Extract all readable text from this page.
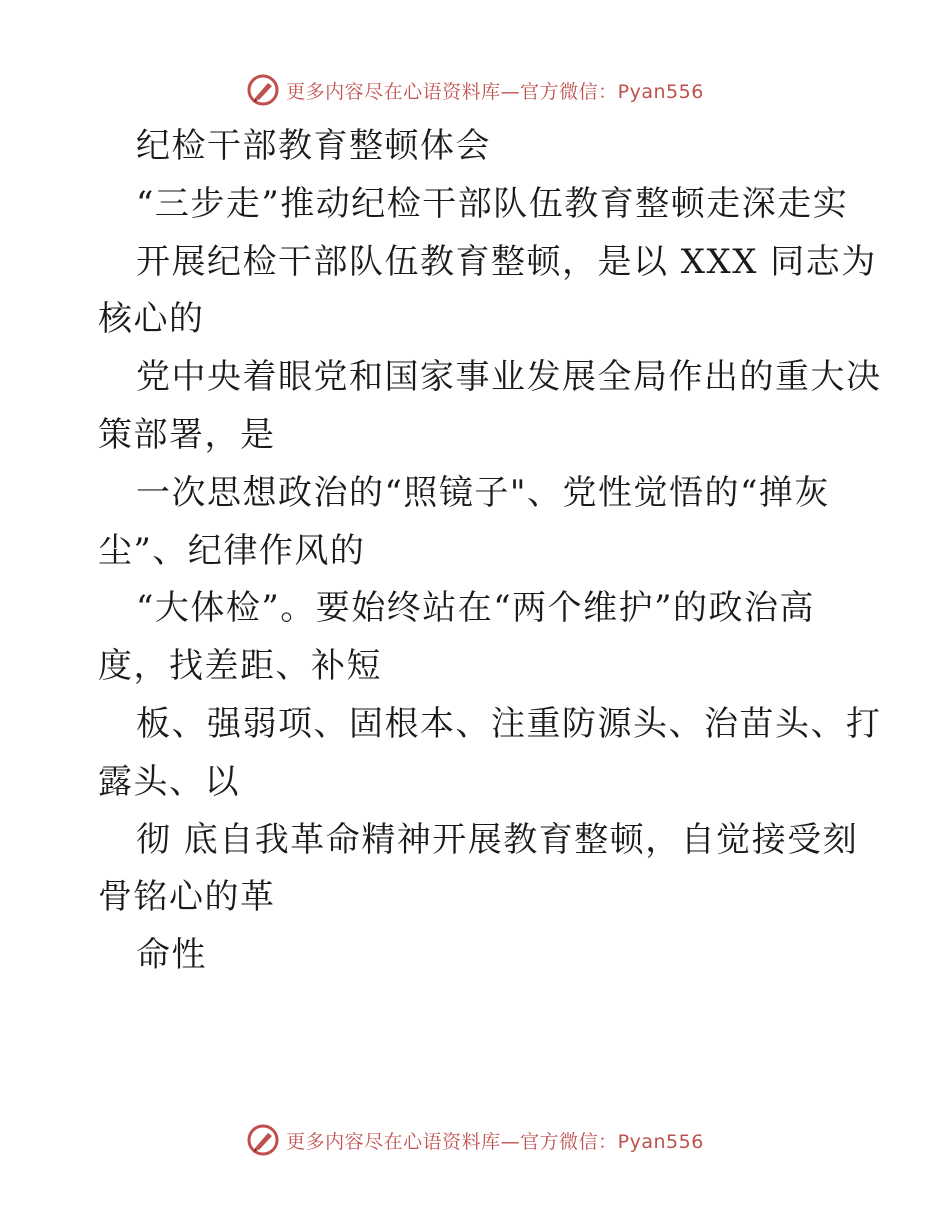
更多内容尽在心语资料库—官方微信：Pyan556
纪检干部教育整顿体会
“三步走”推动纪检干部队伍教育整顿走深走实
开展纪检干部队伍教育整顿，是以 XXX 同志为
核心的
党中央着眼党和国家事业发展全局作出的重大决
策部署，是
一次思想政治的“照镜子"、党性觉悟的“掸灰
尘”、纪律作风的
“大体检”。要始终站在“两个维护”的政治高
度，找差距、补短
板、强弱项、固根本、注重防源头、治苗头、打
露头、以
彻 底自我革命精神开展教育整顿，自觉接受刻
骨铭心的革
命性
更多内容尽在心语资料库—官方微信：Pyan556
